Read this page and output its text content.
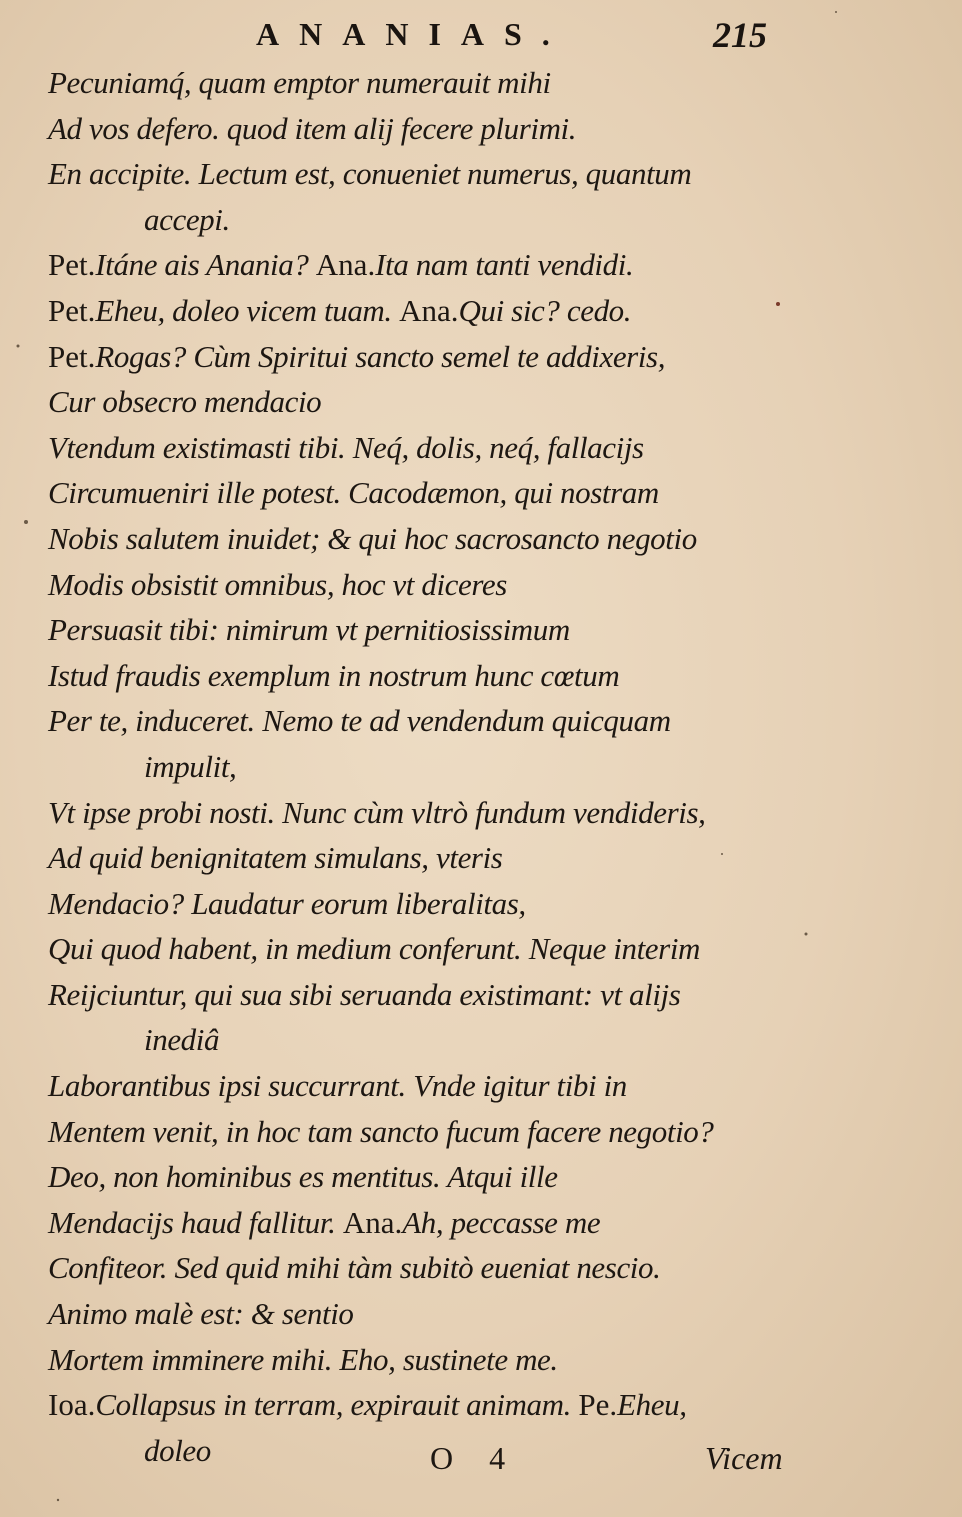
ANANIAS.	215
Pecuniamq́, quam emptor numerauit mihi
Ad vos defero. quod item alij fecere plurimi.
En accipite. Lectum est, conueniet numerus, quantum
accepi.
Pet.Itáne ais Anania? Ana.Ita nam tanti vendidi.
Pet.Eheu, doleo vicem tuam. Ana.Qui sic? cedo.
Pet.Rogas? Cùm Spiritui sancto semel te addixeris,
Cur obsecro mendacio
Vtendum existimasti tibi. Neq́, dolis, neq́, fallacijs
Circumueniri ille potest. Cacodæmon, qui nostram
Nobis salutem inuidet; & qui hoc sacrosancto negotio
Modis obsistit omnibus, hoc vt diceres
Persuasit tibi: nimirum vt pernitiosissimum
Istud fraudis exemplum in nostrum hunc cœtum
Per te, induceret. Nemo te ad vendendum quicquam
impulit,
Vt ipse probi nosti. Nunc cùm vltrò fundum vendideris,
Ad quid benignitatem simulans, vteris
Mendacio? Laudatur eorum liberalitas,
Qui quod habent, in medium conferunt. Neque interim
Reijciuntur, qui sua sibi seruanda existimant: vt alijs
inediâ
Laborantibus ipsi succurrant. Vnde igitur tibi in
Mentem venit, in hoc tam sancto fucum facere negotio?
Deo, non hominibus es mentitus. Atqui ille
Mendacijs haud fallitur. Ana.Ah, peccasse me
Confiteor. Sed quid mihi tàm subitò eueniat nescio.
Animo malè est: & sentio
Mortem imminere mihi. Eho, sustinete me.
Ioa.Collapsus in terram, expirauit animam. Pe.Eheu,
doleo	O 4	Vicem
